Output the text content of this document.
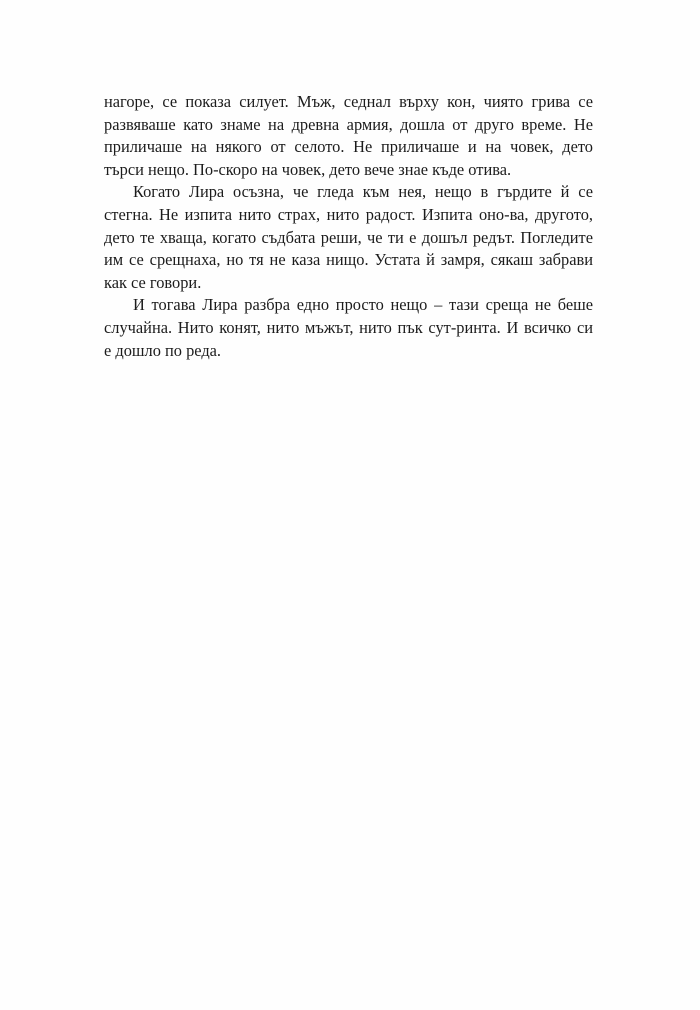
нагоре, се показа силует. Мъж, седнал върху кон, чиято грива се
развяваше като знаме на древна армия, дошла от друго време. Не
приличаше на някого от селото. Не приличаше и на човек, дето
търси нещо. По-скоро на човек, дето вече знае къде отива.
Когато Лира осъзна, че гледа към нея, нещо в гърдите й се
стегна. Не изпита нито страх, нито радост. Изпита оно-ва, другото,
дето те хваща, когато съдбата реши, че ти е дошъл редът. Погледите
им се срещнаха, но тя не каза нищо. Устата й замря, сякаш забрави
как се говори.
И тогава Лира разбра едно просто нещо – тази среща не беше
случайна. Нито конят, нито мъжът, нито пък сут-ринта. И всичко си
е дошло по реда.
